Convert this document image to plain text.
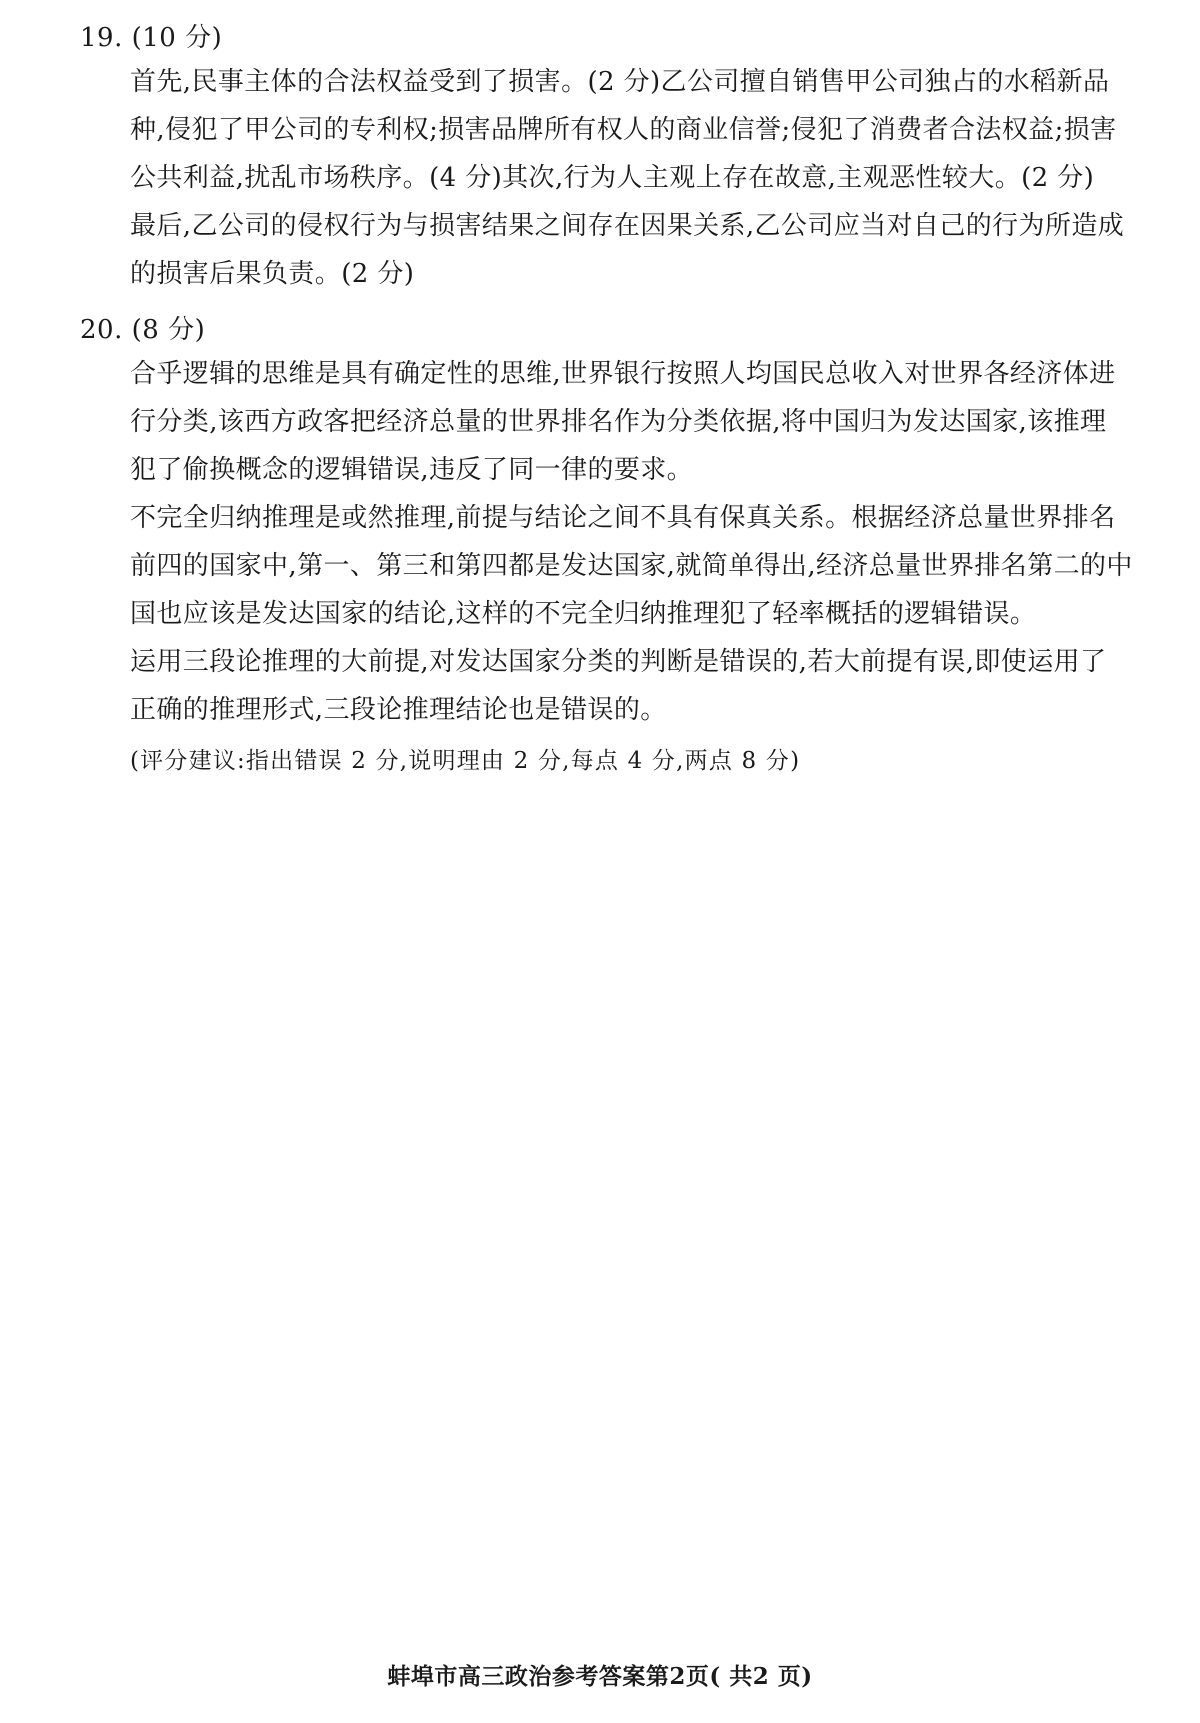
19. (10 分)
首先,民事主体的合法权益受到了损害。(2 分)乙公司擅自销售甲公司独占的水稻新品
种,侵犯了甲公司的专利权;损害品牌所有权人的商业信誉;侵犯了消费者合法权益;损害
公共利益,扰乱市场秩序。(4 分)其次,行为人主观上存在故意,主观恶性较大。(2 分)
最后,乙公司的侵权行为与损害结果之间存在因果关系,乙公司应当对自己的行为所造成
的损害后果负责。(2 分)
20. (8 分)
合乎逻辑的思维是具有确定性的思维,世界银行按照人均国民总收入对世界各经济体进
行分类,该西方政客把经济总量的世界排名作为分类依据,将中国归为发达国家,该推理
犯了偷换概念的逻辑错误,违反了同一律的要求。
不完全归纳推理是或然推理,前提与结论之间不具有保真关系。根据经济总量世界排名
前四的国家中,第一、第三和第四都是发达国家,就简单得出,经济总量世界排名第二的中
国也应该是发达国家的结论,这样的不完全归纳推理犯了轻率概括的逻辑错误。
运用三段论推理的大前提,对发达国家分类的判断是错误的,若大前提有误,即使运用了
正确的推理形式,三段论推理结论也是错误的。
(评分建议:指出错误 2 分,说明理由 2 分,每点 4 分,两点 8 分)
蚌埠市高三政治参考答案第2页( 共2 页)
